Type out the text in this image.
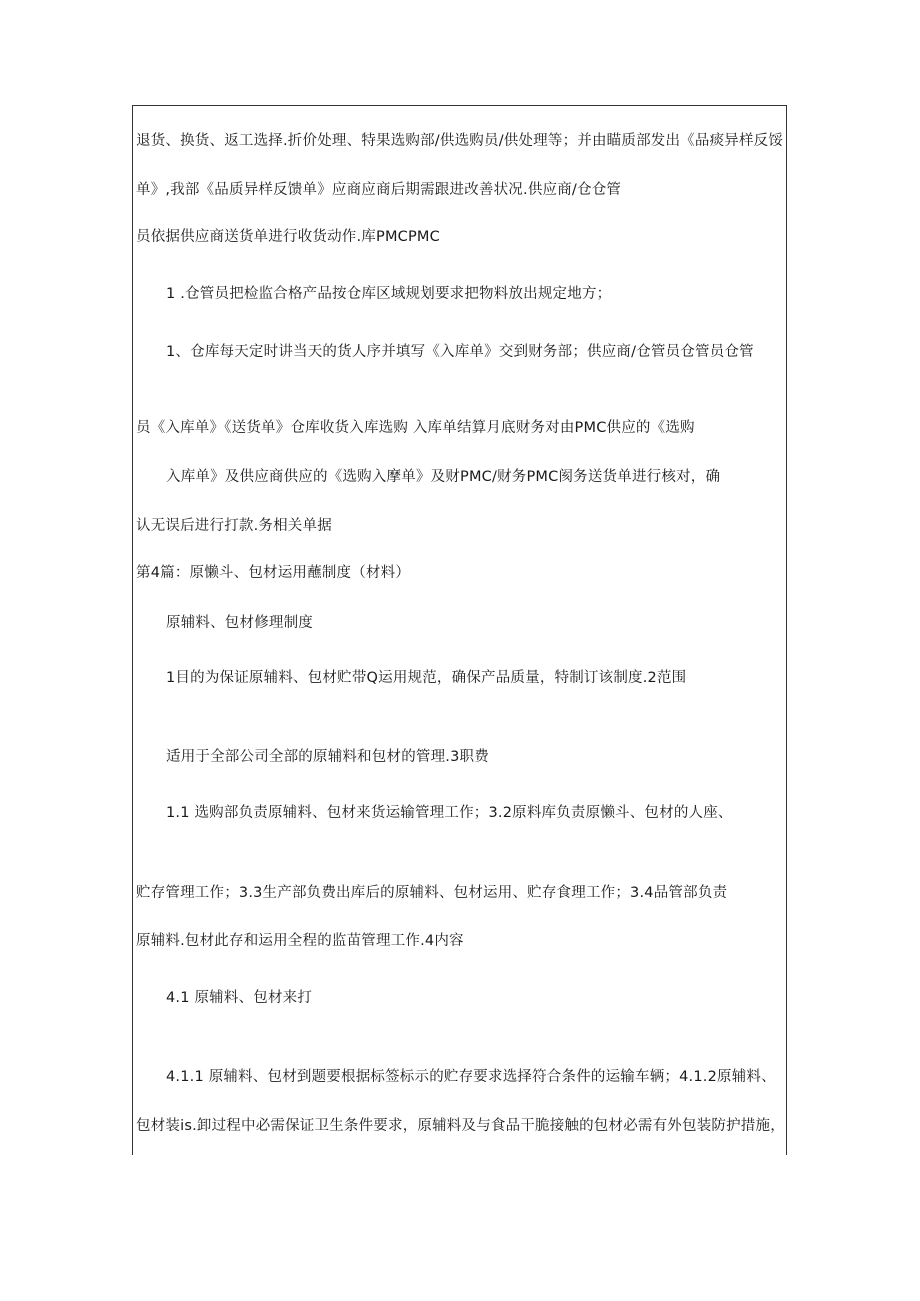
退货、换货、返工选择.折价处理、特果选购部/供选购员/供处理等；并由瞄质部发出《品痰异样反馁
单》,我部《品质异样反馈单》应商应商后期需跟进改善状况.供应商/仓仓管
员依据供应商送货单进行收货动作.库PMCPMC
1 .仓管员把检监合格产品按仓库区域规划要求把物料放出规定地方；
1、仓库每天定时讲当天的货人序并填写《入库单》交到财务部；供应商/仓管员仓管员仓管
员《入库单》《送货单》仓库收货入库选购 入库单结算月底财务对由PMC供应的《选购
入库单》及供应商供应的《选购入摩单》及财PMC/财务PMC阂务送货单进行核对，确
认无误后进行打款.务相关单据
第4篇：原懒斗、包材运用蘸制度（材料）
原辅料、包材修理制度
1目的为保证原辅料、包材贮带Q运用规范，确保产品质量，特制订该制度.2范围
适用于全部公司全部的原辅料和包材的管理.3职费
1.1 选购部负责原辅料、包材来货运输管理工作；3.2原料库负责原懒斗、包材的人座、
贮存管理工作；3.3生产部负费出库后的原辅料、包材运用、贮存食理工作；3.4品管部负责
原辅料.包材此存和运用全程的监苗管理工作.4内容
4.1 原辅料、包材来打
4.1.1 原辅料、包材到题要根据标签标示的贮存要求选择符合条件的运输车辆；4.1.2原辅料、
包材装is.卸过程中必需保证卫生条件要求，原辅料及与食品干脆接触的包材必需有外包装防护措施，
